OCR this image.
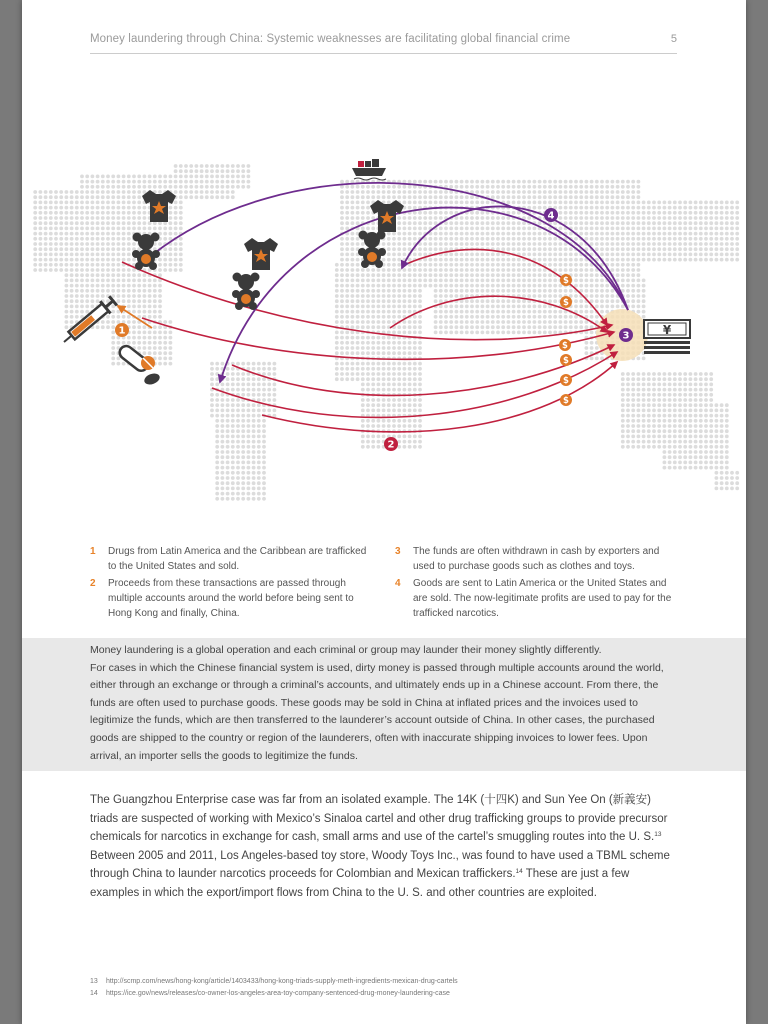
Money laundering through China: Systemic weaknesses are facilitating global financial crime	5
$
$
$
$
$
$
1
2
3
4
¥
1 Drugs from Latin America and the Caribbean are trafficked to the United States and sold.
2 Proceeds from these transactions are passed through multiple accounts around the world before being sent to Hong Kong and finally, China.
3 The funds are often withdrawn in cash by exporters and used to purchase goods such as clothes and toys.
4 Goods are sent to Latin America or the United States and are sold. The now-legitimate profits are used to pay for the trafficked narcotics.

Money laundering is a global operation and each criminal or group may launder their money slightly differently.

For cases in which the Chinese financial system is used, dirty money is passed through multiple accounts around the world, either through an exchange or through a criminal’s accounts, and ultimately ends up in a Chinese account. From there, the funds are often used to purchase goods. These goods may be sold in China at inflated prices and the invoices used to legitimize the funds, which are then transferred to the launderer’s account outside of China. In other cases, the purchased goods are shipped to the country or region of the launderers, often with inaccurate shipping invoices to lower fees. Upon arrival, an importer sells the goods to legitimize the funds.

The Guangzhou Enterprise case was far from an isolated example. The 14K (十四K) and Sun Yee On (新義安) triads are suspected of working with Mexico’s Sinaloa cartel and other drug trafficking groups to provide precursor chemicals for narcotics in exchange for cash, small arms and use of the cartel’s smuggling routes into the U. S.$^{13}$ Between 2005 and 2011, Los Angeles-based toy store, Woody Toys Inc., was found to have used a TBML scheme through China to launder narcotics proceeds for Colombian and Mexican traffickers.$^{14}$ These are just a few examples in which the export/import flows from China to the U. S. and other countries are exploited.
13 http://scmp.com/news/hong-kong/article/1403433/hong-kong-triads-supply-meth-ingredients-mexican-drug-cartels
14 https://ice.gov/news/releases/co-owner-los-angeles-area-toy-company-sentenced-drug-money-laundering-case
